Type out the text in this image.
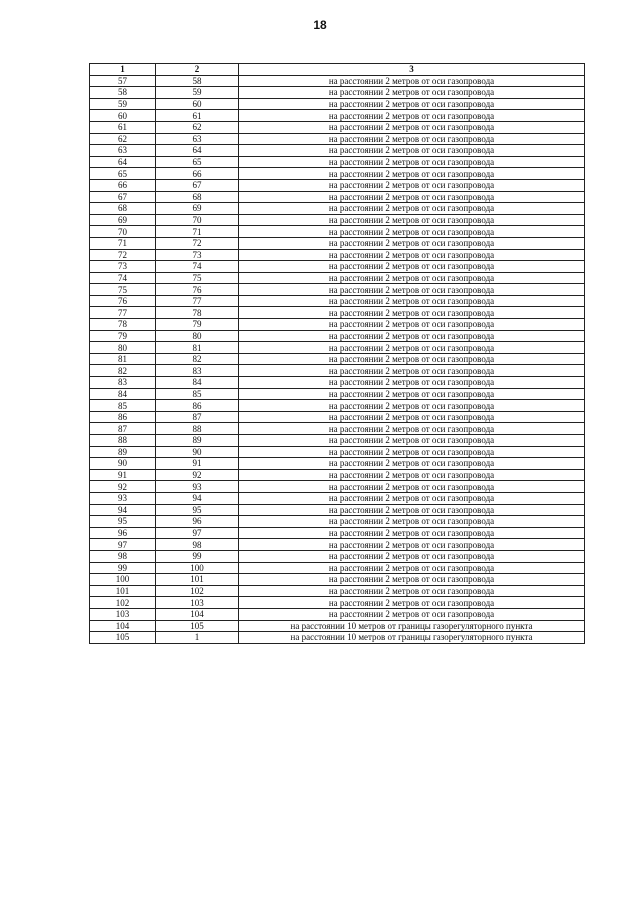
18
1	2	3
57	58	на расстоянии 2 метров от оси газопровода
58	59	на расстоянии 2 метров от оси газопровода
59	60	на расстоянии 2 метров от оси газопровода
60	61	на расстоянии 2 метров от оси газопровода
61	62	на расстоянии 2 метров от оси газопровода
62	63	на расстоянии 2 метров от оси газопровода
63	64	на расстоянии 2 метров от оси газопровода
64	65	на расстоянии 2 метров от оси газопровода
65	66	на расстоянии 2 метров от оси газопровода
66	67	на расстоянии 2 метров от оси газопровода
67	68	на расстоянии 2 метров от оси газопровода
68	69	на расстоянии 2 метров от оси газопровода
69	70	на расстоянии 2 метров от оси газопровода
70	71	на расстоянии 2 метров от оси газопровода
71	72	на расстоянии 2 метров от оси газопровода
72	73	на расстоянии 2 метров от оси газопровода
73	74	на расстоянии 2 метров от оси газопровода
74	75	на расстоянии 2 метров от оси газопровода
75	76	на расстоянии 2 метров от оси газопровода
76	77	на расстоянии 2 метров от оси газопровода
77	78	на расстоянии 2 метров от оси газопровода
78	79	на расстоянии 2 метров от оси газопровода
79	80	на расстоянии 2 метров от оси газопровода
80	81	на расстоянии 2 метров от оси газопровода
81	82	на расстоянии 2 метров от оси газопровода
82	83	на расстоянии 2 метров от оси газопровода
83	84	на расстоянии 2 метров от оси газопровода
84	85	на расстоянии 2 метров от оси газопровода
85	86	на расстоянии 2 метров от оси газопровода
86	87	на расстоянии 2 метров от оси газопровода
87	88	на расстоянии 2 метров от оси газопровода
88	89	на расстоянии 2 метров от оси газопровода
89	90	на расстоянии 2 метров от оси газопровода
90	91	на расстоянии 2 метров от оси газопровода
91	92	на расстоянии 2 метров от оси газопровода
92	93	на расстоянии 2 метров от оси газопровода
93	94	на расстоянии 2 метров от оси газопровода
94	95	на расстоянии 2 метров от оси газопровода
95	96	на расстоянии 2 метров от оси газопровода
96	97	на расстоянии 2 метров от оси газопровода
97	98	на расстоянии 2 метров от оси газопровода
98	99	на расстоянии 2 метров от оси газопровода
99	100	на расстоянии 2 метров от оси газопровода
100	101	на расстоянии 2 метров от оси газопровода
101	102	на расстоянии 2 метров от оси газопровода
102	103	на расстоянии 2 метров от оси газопровода
103	104	на расстоянии 2 метров от оси газопровода
104	105	на расстоянии 10 метров от границы газорегуляторного пункта
105	1	на расстоянии 10 метров от границы газорегуляторного пункта
